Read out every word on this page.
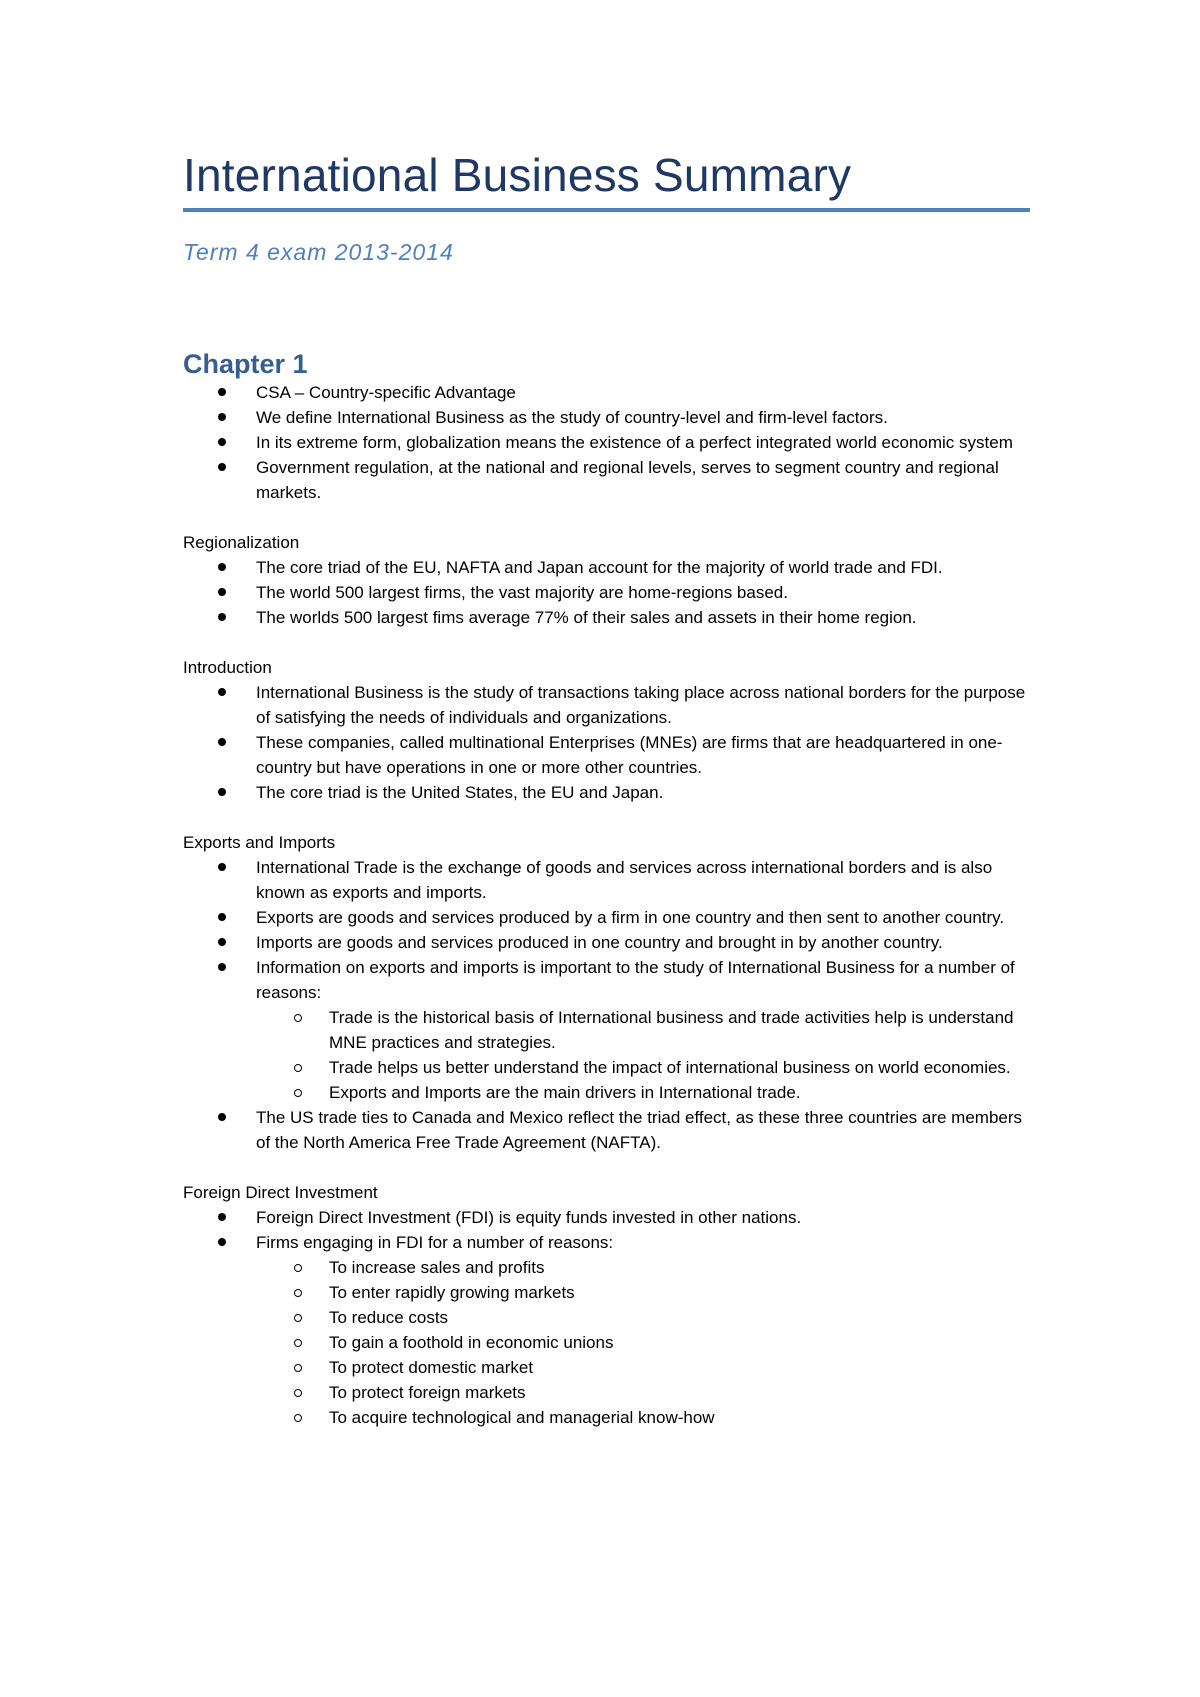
International Business Summary
Term 4 exam 2013-2014
Chapter 1
CSA – Country-specific Advantage
We define International Business as the study of country-level and firm-level factors.
In its extreme form, globalization means the existence of a perfect integrated world economic system
Government regulation, at the national and regional levels, serves to segment country and regional markets.
Regionalization
The core triad of the EU, NAFTA and Japan account for the majority of world trade and FDI.
The world 500 largest firms, the vast majority are home-regions based.
The worlds 500 largest fims average 77% of their sales and assets in their home region.
Introduction
International Business is the study of transactions taking place across national borders for the purpose of satisfying the needs of individuals and organizations.
These companies, called multinational Enterprises (MNEs) are firms that are headquartered in one-country but have operations in one or more other countries.
The core triad is the United States, the EU and Japan.
Exports and Imports
International Trade is the exchange of goods and services across international borders and is also known as exports and imports.
Exports are goods and services produced by a firm in one country and then sent to another country.
Imports are goods and services produced in one country and brought in by another country.
Information on exports and imports is important to the study of International Business for a number of reasons:
Trade is the historical basis of International business and trade activities help is understand MNE practices and strategies.
Trade helps us better understand the impact of international business on world economies.
Exports and Imports are the main drivers in International trade.
The US trade ties to Canada and Mexico reflect the triad effect, as these three countries are members of the North America Free Trade Agreement (NAFTA).
Foreign Direct Investment
Foreign Direct Investment (FDI) is equity funds invested in other nations.
Firms engaging in FDI for a number of reasons:
To increase sales and profits
To enter rapidly growing markets
To reduce costs
To gain a foothold in economic unions
To protect domestic market
To protect foreign markets
To acquire technological and managerial know-how
